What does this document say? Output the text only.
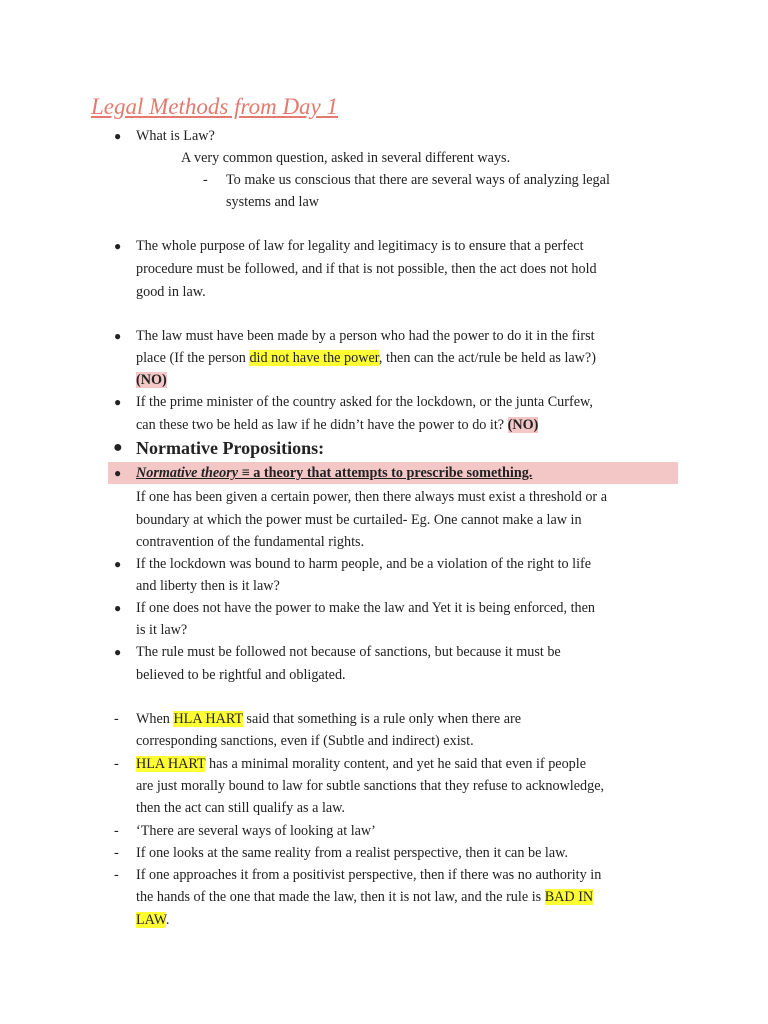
Legal Methods from Day 1
● What is Law?
A very common question, asked in several different ways.
- To make us conscious that there are several ways of analyzing legal
systems and law
● The whole purpose of law for legality and legitimacy is to ensure that a perfect
procedure must be followed, and if that is not possible, then the act does not hold
good in law.
● The law must have been made by a person who had the power to do it in the first
place (If the person did not have the power, then can the act/rule be held as law?)
(NO)
● If the prime minister of the country asked for the lockdown, or the junta Curfew,
can these two be held as law if he didn’t have the power to do it? (NO)
● Normative Propositions:
● Normative theory ≡ a theory that attempts to prescribe something.
If one has been given a certain power, then there always must exist a threshold or a
boundary at which the power must be curtailed- Eg. One cannot make a law in
contravention of the fundamental rights.
● If the lockdown was bound to harm people, and be a violation of the right to life
and liberty then is it law?
● If one does not have the power to make the law and Yet it is being enforced, then
is it law?
● The rule must be followed not because of sanctions, but because it must be
believed to be rightful and obligated.
- When HLA HART said that something is a rule only when there are
corresponding sanctions, even if (Subtle and indirect) exist.
- HLA HART has a minimal morality content, and yet he said that even if people
are just morally bound to law for subtle sanctions that they refuse to acknowledge,
then the act can still qualify as a law.
- ‘There are several ways of looking at law’
- If one looks at the same reality from a realist perspective, then it can be law.
- If one approaches it from a positivist perspective, then if there was no authority in
the hands of the one that made the law, then it is not law, and the rule is BAD IN
LAW.
